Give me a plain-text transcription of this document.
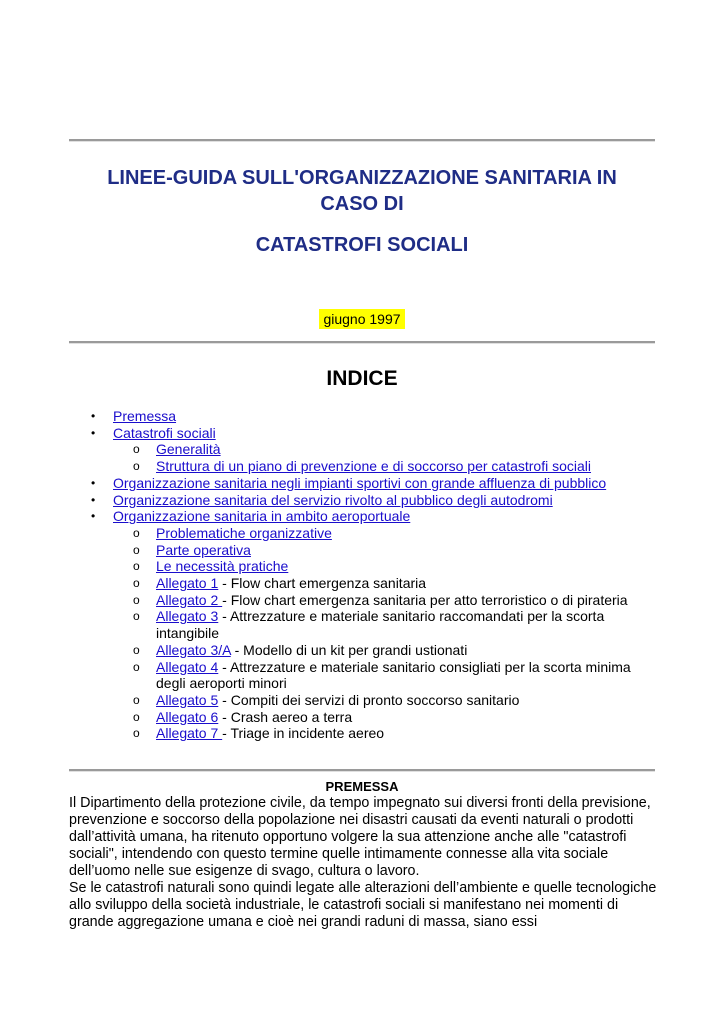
LINEE-GUIDA SULL'ORGANIZZAZIONE SANITARIA IN
CASO DI
CATASTROFI SOCIALI
giugno 1997
INDICE
• Premessa
• Catastrofi sociali
o Generalità
o Struttura di un piano di prevenzione e di soccorso per catastrofi sociali
• Organizzazione sanitaria negli impianti sportivi con grande affluenza di pubblico
• Organizzazione sanitaria del servizio rivolto al pubblico degli autodromi
• Organizzazione sanitaria in ambito aeroportuale
o Problematiche organizzative
o Parte operativa
o Le necessità pratiche
o Allegato 1 - Flow chart emergenza sanitaria
o Allegato 2 - Flow chart emergenza sanitaria per atto terroristico o di pirateria
o Allegato 3 - Attrezzature e materiale sanitario raccomandati per la scorta intangibile
o Allegato 3/A - Modello di un kit per grandi ustionati
o Allegato 4 - Attrezzature e materiale sanitario consigliati per la scorta minima degli aeroporti minori
o Allegato 5 - Compiti dei servizi di pronto soccorso sanitario
o Allegato 6 - Crash aereo a terra
o Allegato 7 - Triage in incidente aereo
PREMESSA

Il Dipartimento della protezione civile, da tempo impegnato sui diversi fronti della previsione, prevenzione e soccorso della popolazione nei disastri causati da eventi naturali o prodotti dall’attività umana, ha ritenuto opportuno volgere la sua attenzione anche alle "catastrofi sociali", intendendo con questo termine quelle intimamente connesse alla vita sociale dell’uomo nelle sue esigenze di svago, cultura o lavoro.
Se le catastrofi naturali sono quindi legate alle alterazioni dell’ambiente e quelle tecnologiche allo sviluppo della società industriale, le catastrofi sociali si manifestano nei momenti di grande aggregazione umana e cioè nei grandi raduni di massa, siano essi
